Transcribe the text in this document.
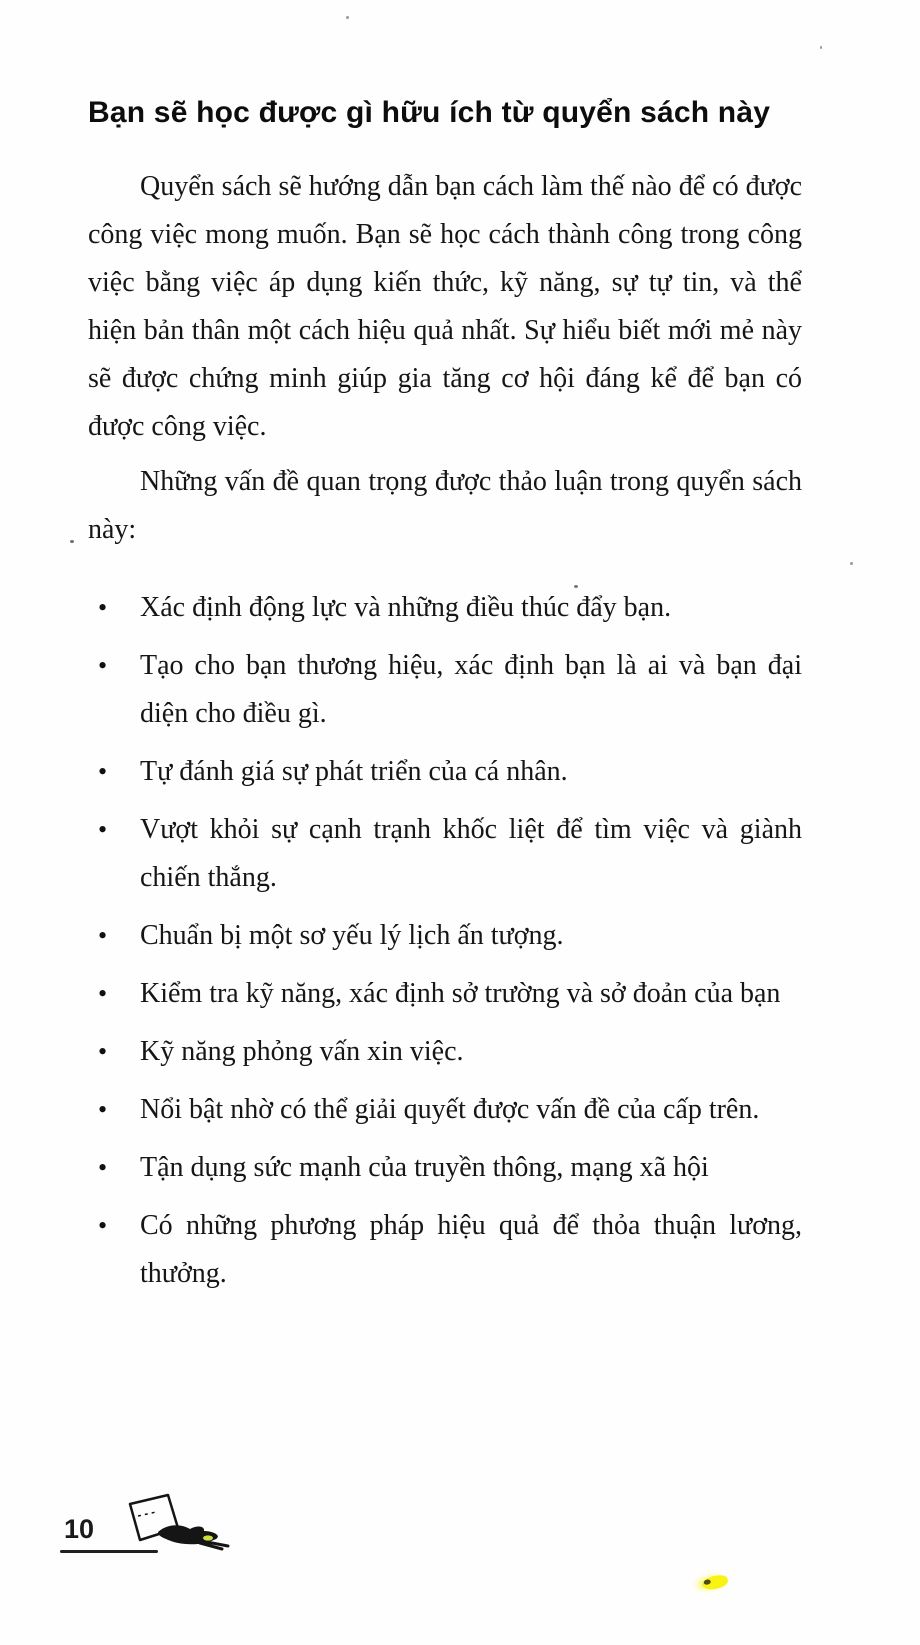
Bạn sẽ học được gì hữu ích từ quyển sách này

Quyển sách sẽ hướng dẫn bạn cách làm thế nào để có được công việc mong muốn. Bạn sẽ học cách thành công trong công việc bằng việc áp dụng kiến thức, kỹ năng, sự tự tin, và thể hiện bản thân một cách hiệu quả nhất. Sự hiểu biết mới mẻ này sẽ được chứng minh giúp gia tăng cơ hội đáng kể để bạn có được công việc.

Những vấn đề quan trọng được thảo luận trong quyển sách này:

• Xác định động lực và những điều thúc đẩy bạn.
• Tạo cho bạn thương hiệu, xác định bạn là ai và bạn đại diện cho điều gì.
• Tự đánh giá sự phát triển của cá nhân.
• Vượt khỏi sự cạnh trạnh khốc liệt để tìm việc và giành chiến thắng.
• Chuẩn bị một sơ yếu lý lịch ấn tượng.
• Kiểm tra kỹ năng, xác định sở trường và sở đoản của bạn
• Kỹ năng phỏng vấn xin việc.
• Nổi bật nhờ có thể giải quyết được vấn đề của cấp trên.
• Tận dụng sức mạnh của truyền thông, mạng xã hội
• Có những phương pháp hiệu quả để thỏa thuận lương, thưởng.
10
